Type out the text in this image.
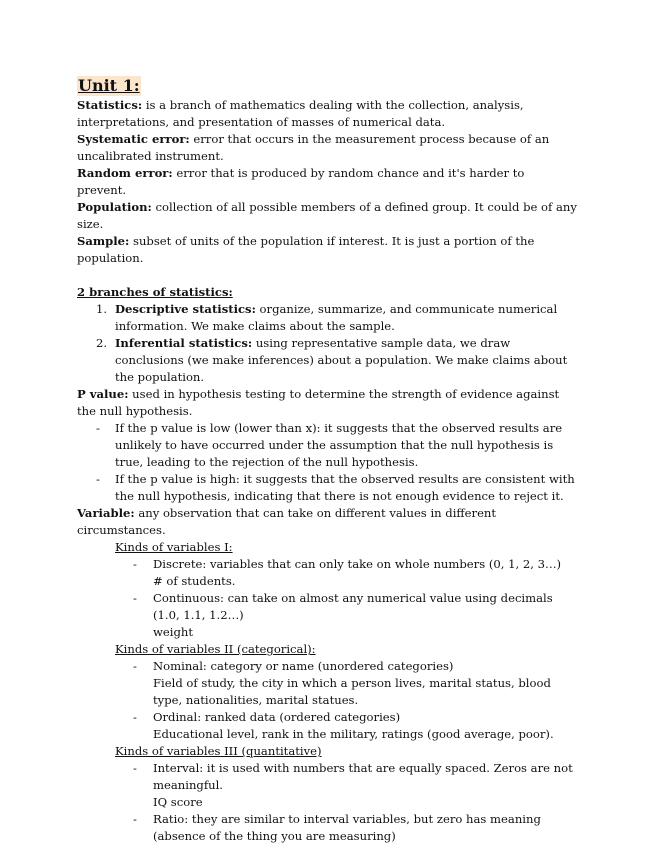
Unit 1:

Statistics: is a branch of mathematics dealing with the collection, analysis, interpretations, and presentation of masses of numerical data.

Systematic error: error that occurs in the measurement process because of an uncalibrated instrument.

Random error: error that is produced by random chance and it's harder to prevent.

Population: collection of all possible members of a defined group. It could be of any size.

Sample: subset of units of the population if interest. It is just a portion of the population.

2 branches of statistics:

1. Descriptive statistics: organize, summarize, and communicate numerical information. We make claims about the sample.

2. Inferential statistics: using representative sample data, we draw conclusions (we make inferences) about a population. We make claims about the population.

P value: used in hypothesis testing to determine the strength of evidence against the null hypothesis.

- If the p value is low (lower than x): it suggests that the observed results are unlikely to have occurred under the assumption that the null hypothesis is true, leading to the rejection of the null hypothesis.

- If the p value is high: it suggests that the observed results are consistent with the null hypothesis, indicating that there is not enough evidence to reject it.

Variable: any observation that can take on different values in different circumstances.

Kinds of variables I:

- Discrete: variables that can only take on whole numbers (0, 1, 2, 3…)

# of students.

- Continuous: can take on almost any numerical value using decimals (1.0, 1.1, 1.2…)

weight

Kinds of variables II (categorical):

- Nominal: category or name (unordered categories)

Field of study, the city in which a person lives, marital status, blood type, nationalities, marital statues.

- Ordinal: ranked data (ordered categories)

Educational level, rank in the military, ratings (good average, poor).

Kinds of variables III (quantitative)

- Interval: it is used with numbers that are equally spaced. Zeros are not meaningful.

IQ score

- Ratio: they are similar to interval variables, but zero has meaning (absence of the thing you are measuring)
